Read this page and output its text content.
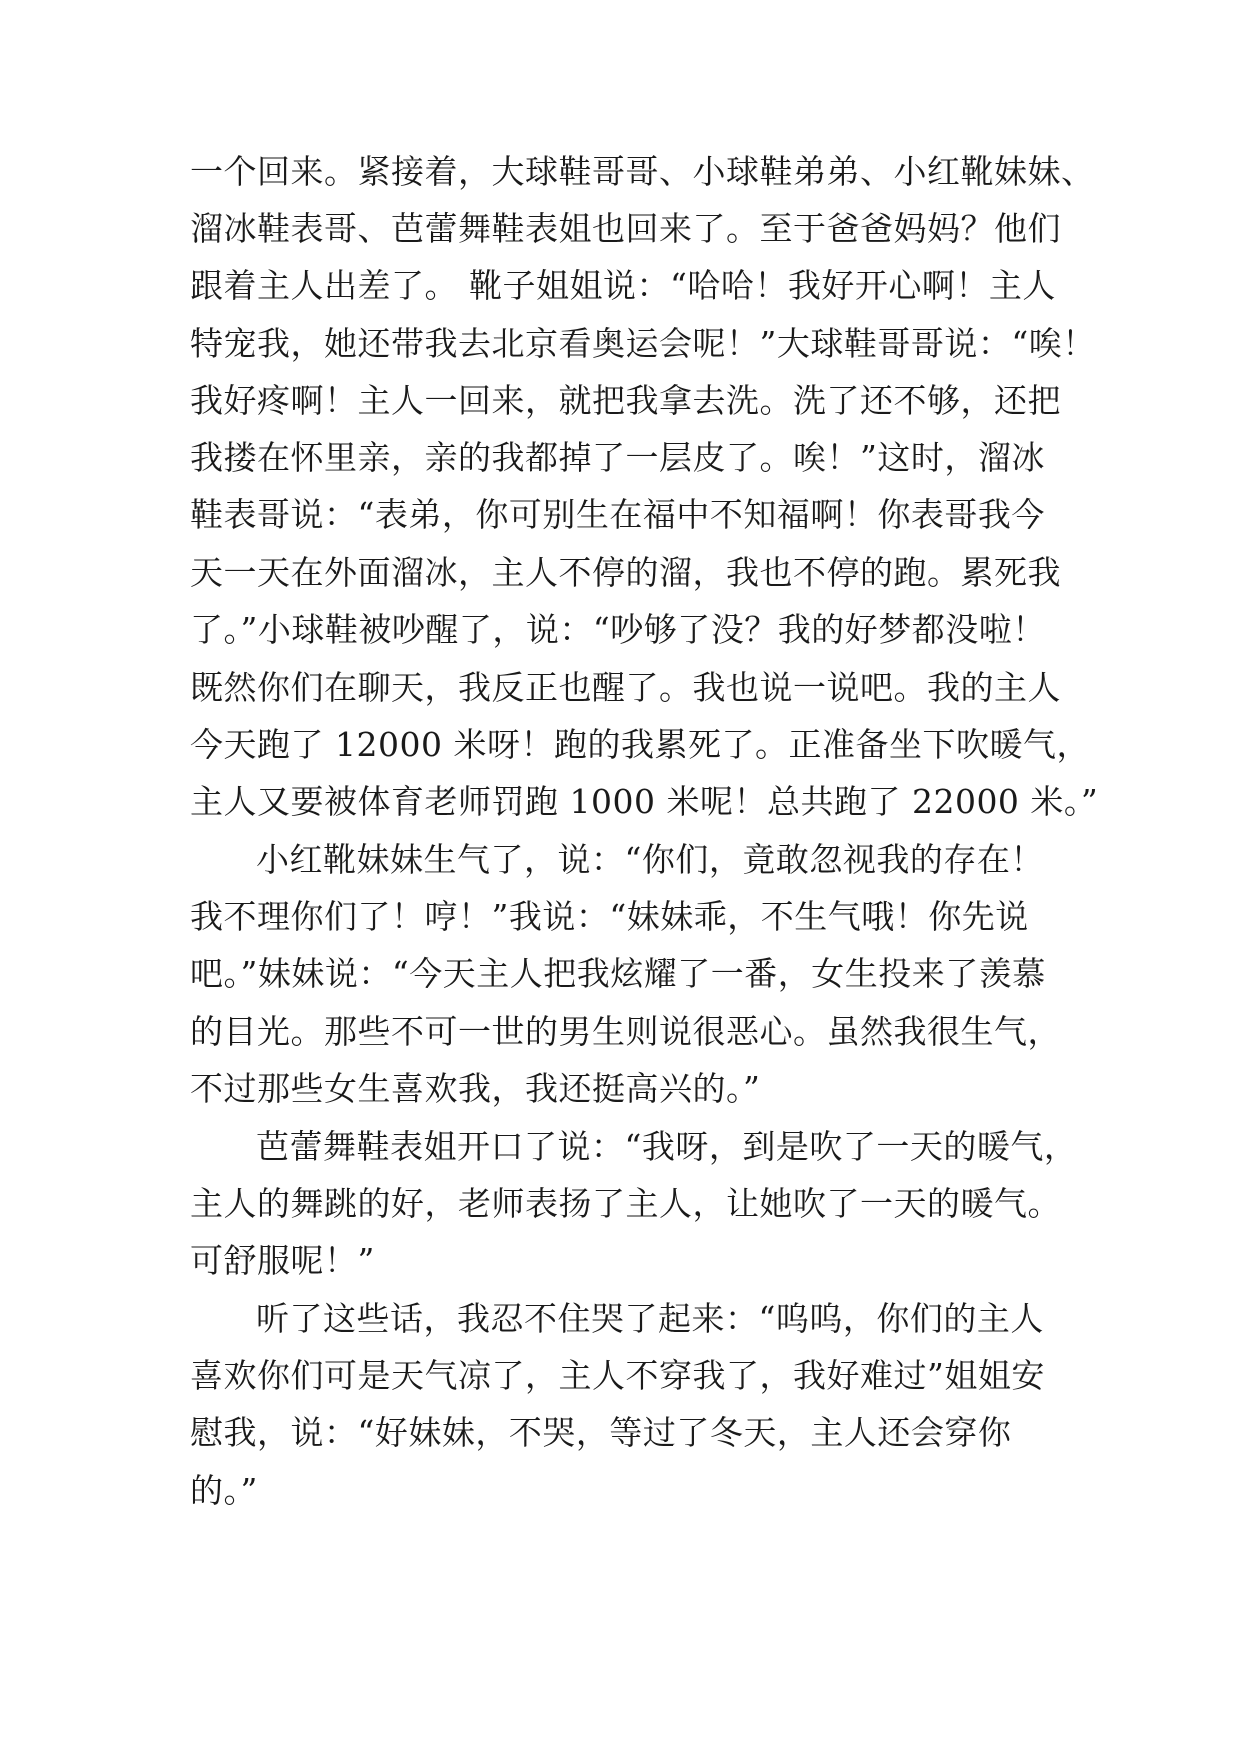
一个回来。紧接着，大球鞋哥哥、小球鞋弟弟、小红靴妹妹、
溜冰鞋表哥、芭蕾舞鞋表姐也回来了。至于爸爸妈妈？他们
跟着主人出差了。 靴子姐姐说：“哈哈！我好开心啊！主人
特宠我，她还带我去北京看奥运会呢！”大球鞋哥哥说：“唉！
我好疼啊！主人一回来，就把我拿去洗。洗了还不够，还把
我搂在怀里亲，亲的我都掉了一层皮了。唉！”这时，溜冰
鞋表哥说：“表弟，你可别生在福中不知福啊！你表哥我今
天一天在外面溜冰，主人不停的溜，我也不停的跑。累死我
了。”小球鞋被吵醒了，说：“吵够了没？我的好梦都没啦！
既然你们在聊天，我反正也醒了。我也说一说吧。我的主人
今天跑了 12000 米呀！跑的我累死了。正准备坐下吹暖气，
主人又要被体育老师罚跑 1000 米呢！总共跑了 22000 米。”
小红靴妹妹生气了，说：“你们，竟敢忽视我的存在！
我不理你们了！哼！”我说：“妹妹乖，不生气哦！你先说
吧。”妹妹说：“今天主人把我炫耀了一番，女生投来了羡慕
的目光。那些不可一世的男生则说很恶心。虽然我很生气，
不过那些女生喜欢我，我还挺高兴的。”
芭蕾舞鞋表姐开口了说：“我呀，到是吹了一天的暖气，
主人的舞跳的好，老师表扬了主人，让她吹了一天的暖气。
可舒服呢！”
听了这些话，我忍不住哭了起来：“呜呜，你们的主人
喜欢你们可是天气凉了，主人不穿我了，我好难过”姐姐安
慰我，说：“好妹妹，不哭，等过了冬天，主人还会穿你
的。”
